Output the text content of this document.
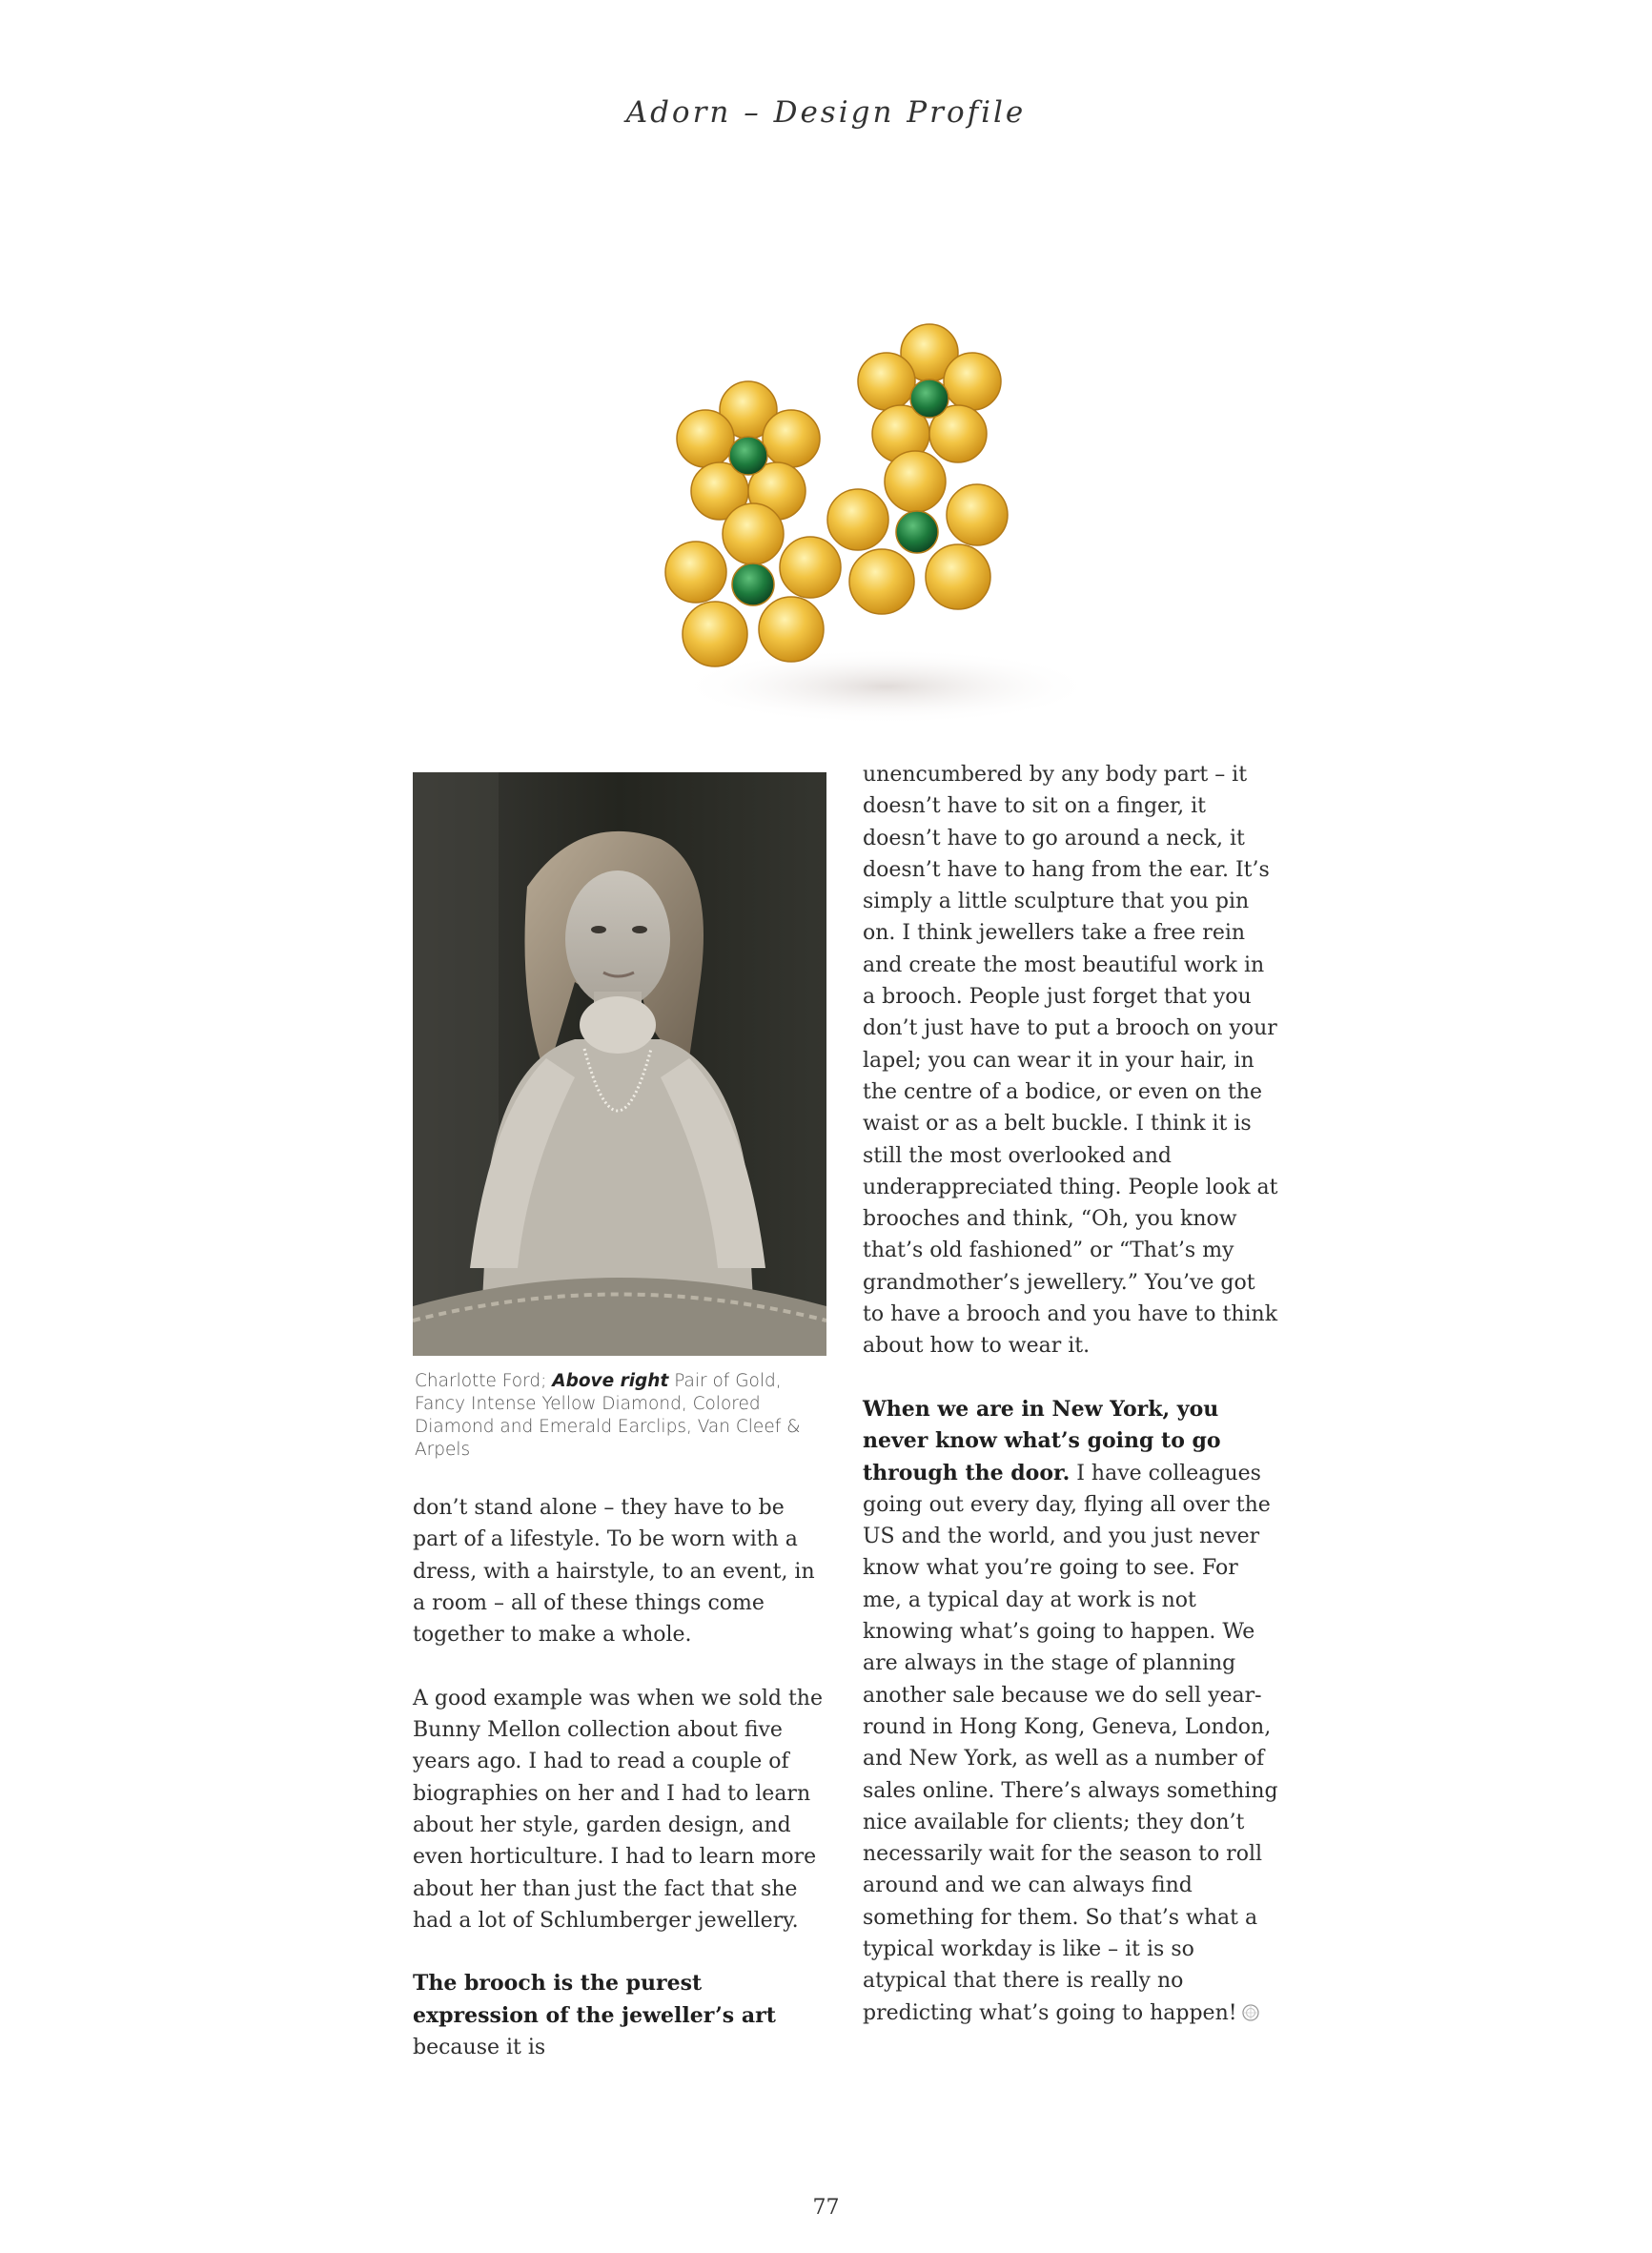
Adorn – Design Profile
Charlotte Ford; Above right Pair of Gold, Fancy Intense Yellow Diamond, Colored Diamond and Emerald Earclips, Van Cleef & Arpels

don’t stand alone – they have to be part of a lifestyle. To be worn with a dress, with a hairstyle, to an event, in a room – all of these things come together to make a whole.

A good example was when we sold the Bunny Mellon collection about five years ago. I had to read a couple of biographies on her and I had to learn about her style, garden design, and even horticulture. I had to learn more about her than just the fact that she had a lot of Schlumberger jewellery.

The brooch is the purest expression of the jeweller’s art because it is

unencumbered by any body part – it doesn’t have to sit on a finger, it doesn’t have to go around a neck, it doesn’t have to hang from the ear. It’s simply a little sculpture that you pin on. I think jewellers take a free rein and create the most beautiful work in a brooch. People just forget that you don’t just have to put a brooch on your lapel; you can wear it in your hair, in the centre of a bodice, or even on the waist or as a belt buckle. I think it is still the most overlooked and underappreciated thing. People look at brooches and think, “Oh, you know that’s old fashioned” or “That’s my grandmother’s jewellery.” You’ve got to have a brooch and you have to think about how to wear it.

When we are in New York, you never know what’s going to go through the door. I have colleagues going out every day, flying all over the US and the world, and you just never know what you’re going to see. For me, a typical day at work is not knowing what’s going to happen. We are always in the stage of planning another sale because we do sell year-round in Hong Kong, Geneva, London, and New York, as well as a number of sales online. There’s always something nice available for clients; they don’t necessarily wait for the season to roll around and we can always find something for them. So that’s what a typical workday is like – it is so atypical that there is really no predicting what’s going to happen!

77
